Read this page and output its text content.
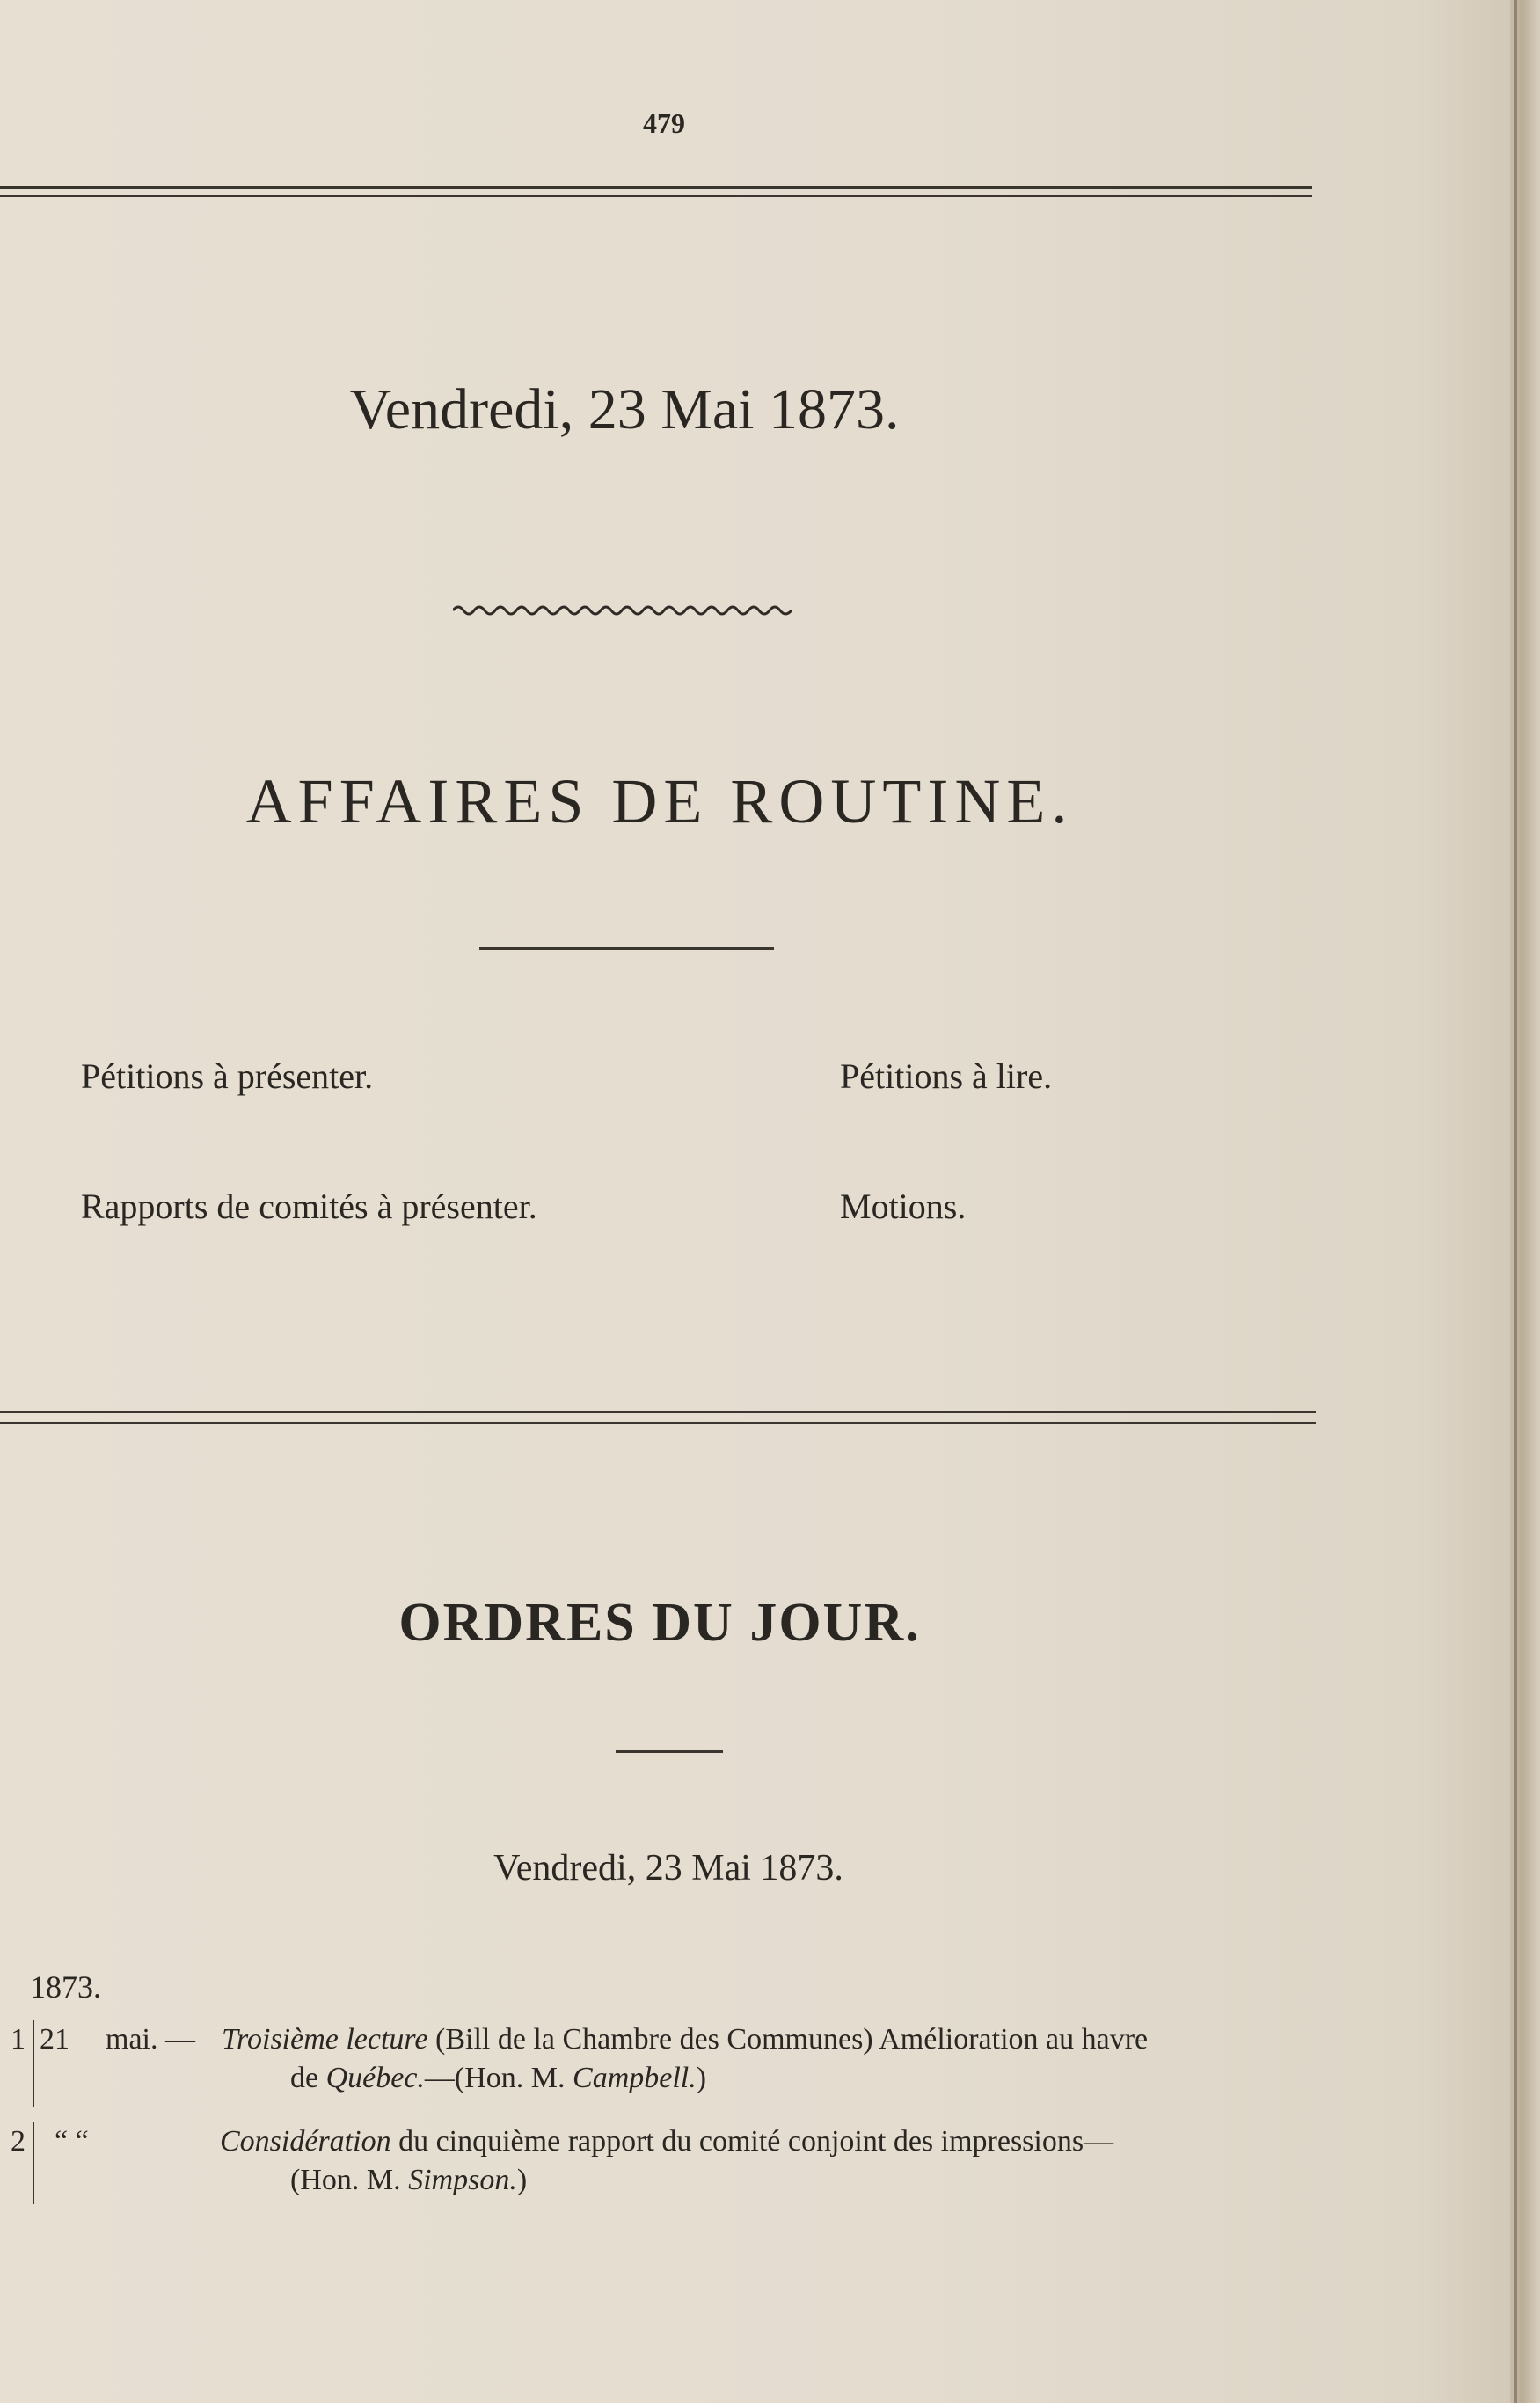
479
Vendredi, 23 Mai 1873.
AFFAIRES DE ROUTINE.
Pétitions à présenter.	Pétitions à lire.
Rapports de comités à présenter.	Motions.
ORDRES DU JOUR.
Vendredi, 23 Mai 1873.
1873.
1 21 mai. — Troisième lecture (Bill de la Chambre des Communes) Amélioration au havre
de Québec.—(Hon. M. Campbell.)
2 “ “	Considération du cinquième rapport du comité conjoint des impressions—
(Hon. M. Simpson.)
